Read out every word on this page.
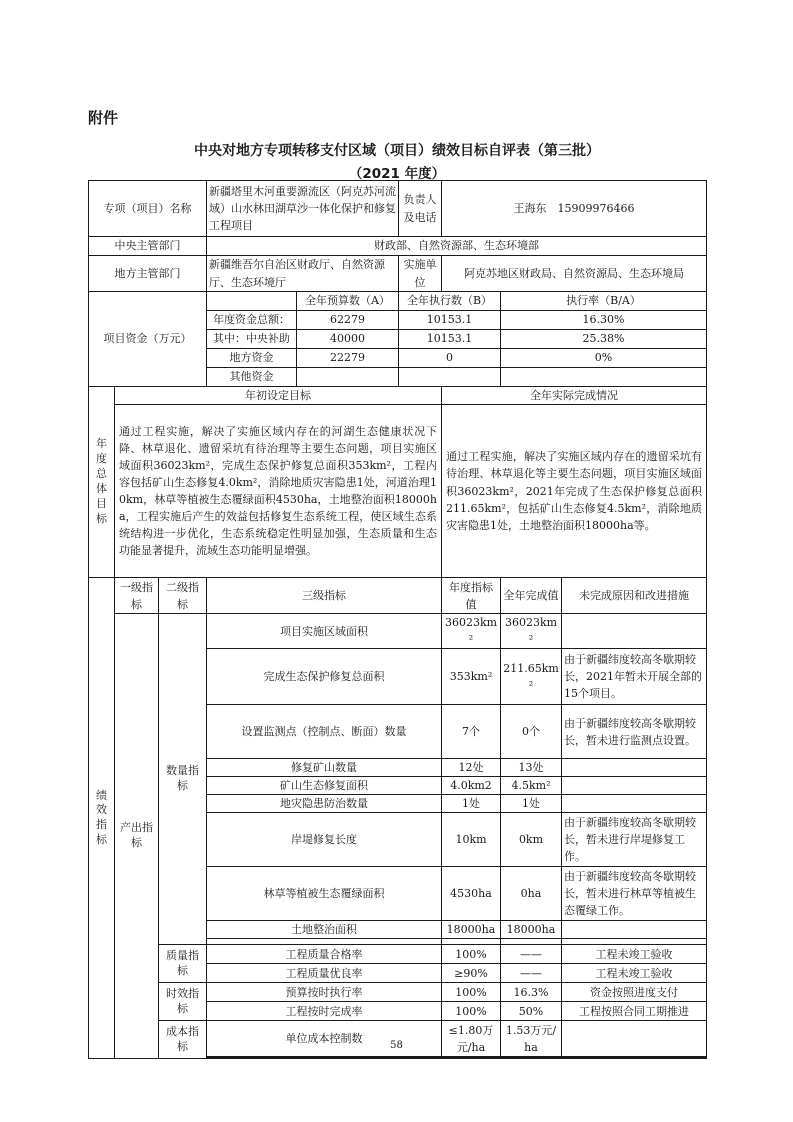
附件
中央对地方专项转移支付区域（项目）绩效目标自评表（第三批）
（2021 年度）
专项（项目）名称			新疆塔里木河重要源流区（阿克苏河流域）山水林田湖草沙一体化保护和修复工程项目		负责人及电话	王海东　15909976466		
中央主管部门			财政部、自然资源部、生态环境部					
地方主管部门			新疆维吾尔自治区财政厅、自然资源厅、生态环境厅		实施单位	阿克苏地区财政局、自然资源局、生态环境局		
项目资金（万元）				全年预算数（A）	全年执行数（B）		执行率（B/A）	
			年度资金总额：	62279	10153.1		16.30%	
			其中：中央补助	40000	10153.1		25.38%	
			地方资金	22279	0		0%	
			其他资金					
年度总体目标	年初设定目标					全年实际完成情况		
	通过工程实施，解决了实施区域内存在的河湖生态健康状况下降、林草退化、遗留采坑有待治理等主要生态问题，项目实施区域面积36023km²，完成生态保护修复总面积353km²，工程内容包括矿山生态修复4.0km²，消除地质灾害隐患1处，河道治理10km，林草等植被生态覆绿面积4530ha，土地整治面积18000ha，工程实施后产生的效益包括修复生态系统工程，使区域生态系统结构进一步优化，生态系统稳定性明显加强，生态质量和生态功能显著提升，流域生态功能明显增强。					通过工程实施，解决了实施区域内存在的遗留采坑有待治理、林草退化等主要生态问题，项目实施区域面积36023km²，2021年完成了生态保护修复总面积211.65km²，包括矿山生态修复4.5km²，消除地质灾害隐患1处，土地整治面积18000ha等。		
绩效指标	一级指标	二级指标	三级指标			年度指标值	全年完成值	未完成原因和改进措施
	产出指标	数量指标	项目实施区域面积			36023km²	36023km²	
			完成生态保护修复总面积			353km²	211.65km²	由于新疆纬度较高冬歇期较长，2021年暂未开展全部的15个项目。
			设置监测点（控制点、断面）数量			7个	0个	由于新疆纬度较高冬歇期较长，暂未进行监测点设置。
			修复矿山数量			12处	13处	
			矿山生态修复面积			4.0km2	4.5km²	
			地灾隐患防治数量			1处	1处	
			岸堤修复长度			10km	0km	由于新疆纬度较高冬歇期较长，暂未进行岸堤修复工作。
			林草等植被生态覆绿面积			4530ha	0ha	由于新疆纬度较高冬歇期较长，暂未进行林草等植被生态覆绿工作。
			土地整治面积			18000ha	18000ha	

		质量指标	工程质量合格率			100%	——	工程未竣工验收
			工程质量优良率			≥90%	——	工程未竣工验收
		时效指标	预算按时执行率			100%	16.3%	资金按照进度支付
			工程按时完成率			100%	50%	工程按照合同工期推进
		成本指标	单位成本控制数			≤1.80万元/ha	1.53万元/ha	

58
